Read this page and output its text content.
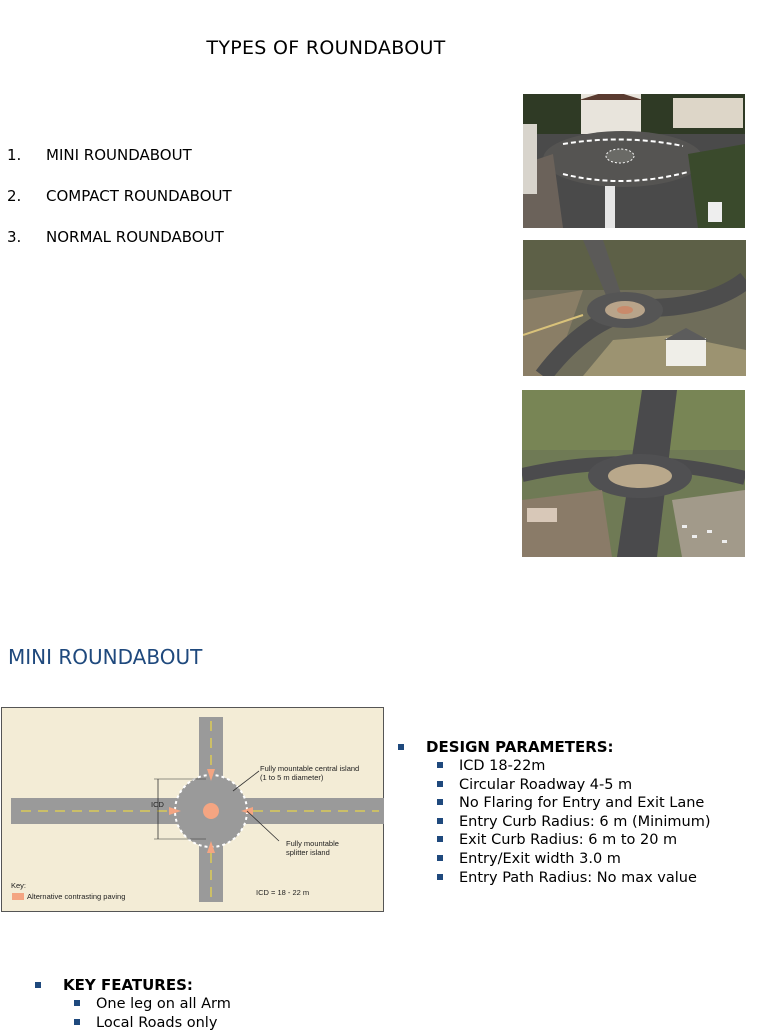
TYPES OF ROUNDABOUT
1.	MINI ROUNDABOUT
2.	COMPACT ROUNDABOUT
3.	NORMAL ROUNDABOUT
MINI ROUNDABOUT
Fully mountable central island
(1 to 5 m diameter)
ICD
Fully mountable
splitter island
Key:
Alternative contrasting paving	ICD = 18 - 22 m
DESIGN PARAMETERS:
ICD 18-22m
Circular Roadway 4-5 m
No Flaring for Entry and Exit Lane
Entry Curb Radius: 6 m (Minimum)
Exit Curb Radius: 6 m to 20 m
Entry/Exit width 3.0 m
Entry Path Radius: No max value
KEY FEATURES:
One leg on all Arm
Local Roads only
